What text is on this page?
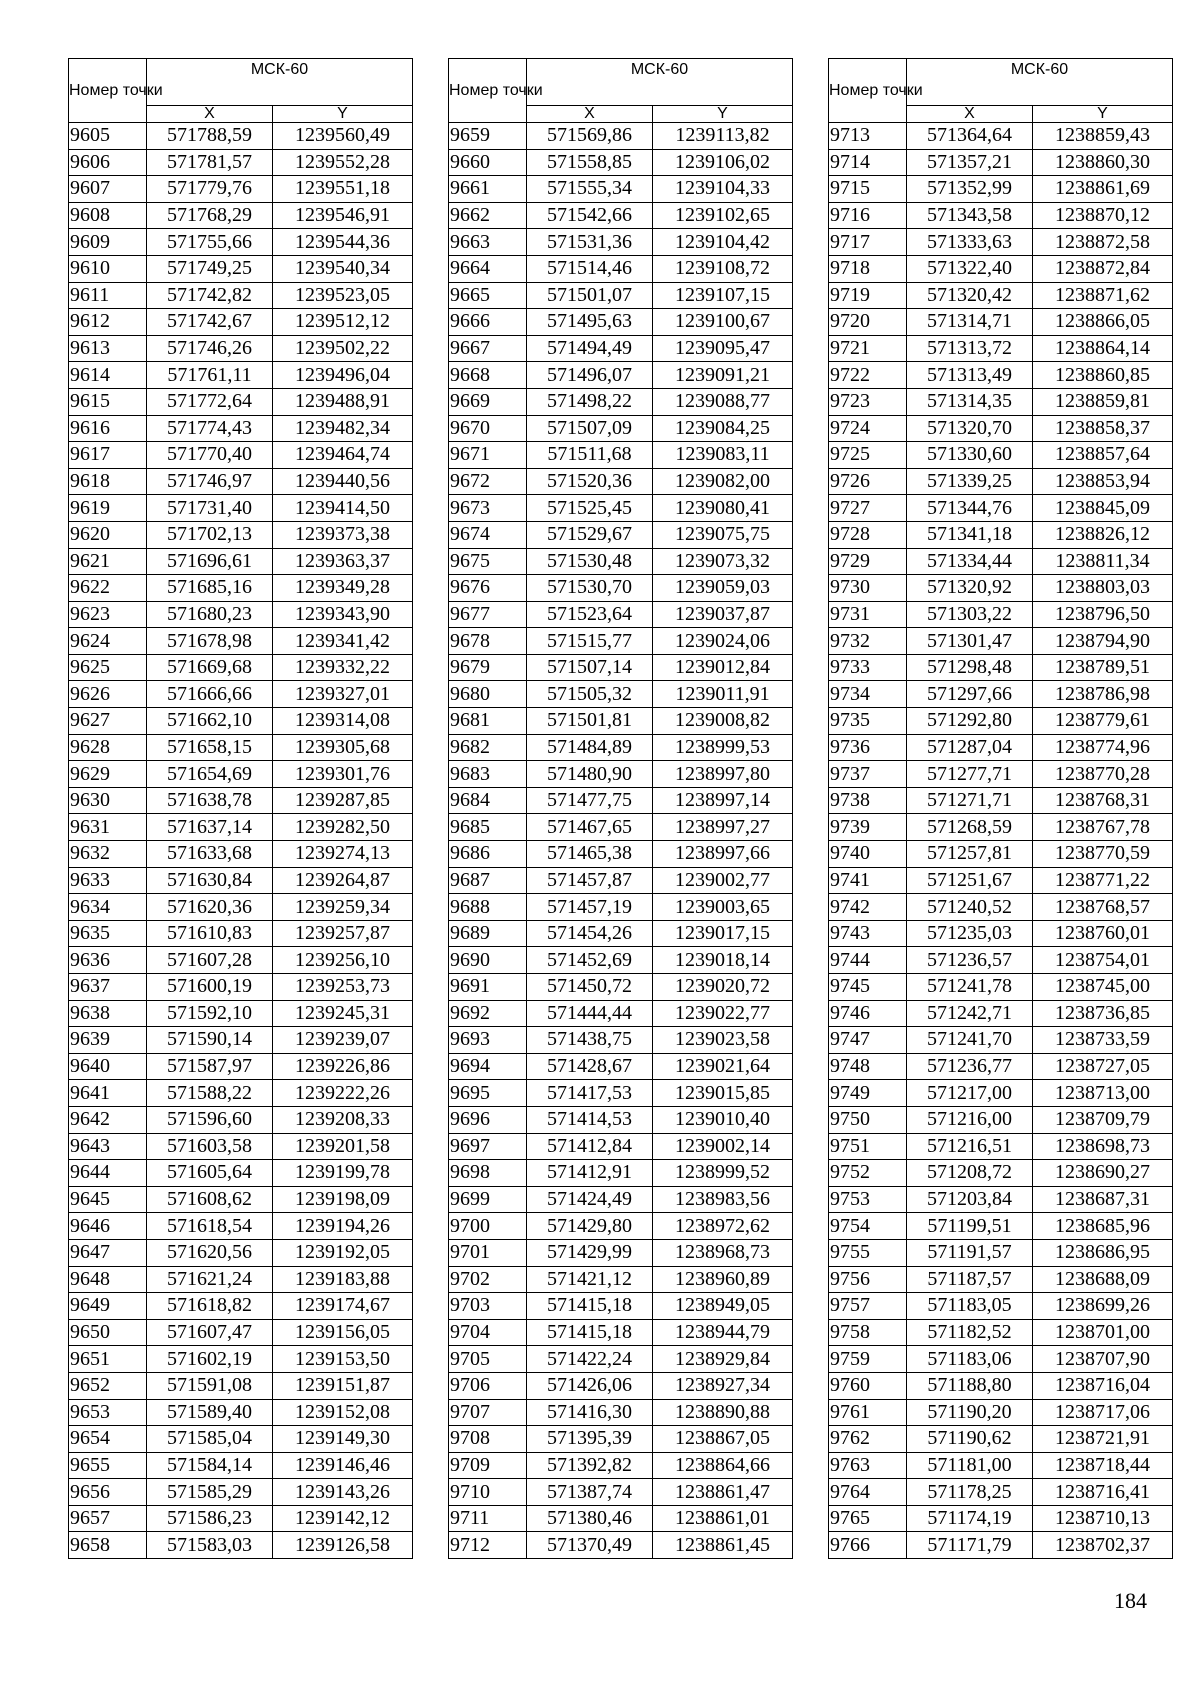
Номер точки	МСК-60	
	X	Y
9605	571788,59	1239560,49
9606	571781,57	1239552,28
9607	571779,76	1239551,18
9608	571768,29	1239546,91
9609	571755,66	1239544,36
9610	571749,25	1239540,34
9611	571742,82	1239523,05
9612	571742,67	1239512,12
9613	571746,26	1239502,22
9614	571761,11	1239496,04
9615	571772,64	1239488,91
9616	571774,43	1239482,34
9617	571770,40	1239464,74
9618	571746,97	1239440,56
9619	571731,40	1239414,50
9620	571702,13	1239373,38
9621	571696,61	1239363,37
9622	571685,16	1239349,28
9623	571680,23	1239343,90
9624	571678,98	1239341,42
9625	571669,68	1239332,22
9626	571666,66	1239327,01
9627	571662,10	1239314,08
9628	571658,15	1239305,68
9629	571654,69	1239301,76
9630	571638,78	1239287,85
9631	571637,14	1239282,50
9632	571633,68	1239274,13
9633	571630,84	1239264,87
9634	571620,36	1239259,34
9635	571610,83	1239257,87
9636	571607,28	1239256,10
9637	571600,19	1239253,73
9638	571592,10	1239245,31
9639	571590,14	1239239,07
9640	571587,97	1239226,86
9641	571588,22	1239222,26
9642	571596,60	1239208,33
9643	571603,58	1239201,58
9644	571605,64	1239199,78
9645	571608,62	1239198,09
9646	571618,54	1239194,26
9647	571620,56	1239192,05
9648	571621,24	1239183,88
9649	571618,82	1239174,67
9650	571607,47	1239156,05
9651	571602,19	1239153,50
9652	571591,08	1239151,87
9653	571589,40	1239152,08
9654	571585,04	1239149,30
9655	571584,14	1239146,46
9656	571585,29	1239143,26
9657	571586,23	1239142,12
9658	571583,03	1239126,58
Номер точки	МСК-60	
	X	Y
9659	571569,86	1239113,82
9660	571558,85	1239106,02
9661	571555,34	1239104,33
9662	571542,66	1239102,65
9663	571531,36	1239104,42
9664	571514,46	1239108,72
9665	571501,07	1239107,15
9666	571495,63	1239100,67
9667	571494,49	1239095,47
9668	571496,07	1239091,21
9669	571498,22	1239088,77
9670	571507,09	1239084,25
9671	571511,68	1239083,11
9672	571520,36	1239082,00
9673	571525,45	1239080,41
9674	571529,67	1239075,75
9675	571530,48	1239073,32
9676	571530,70	1239059,03
9677	571523,64	1239037,87
9678	571515,77	1239024,06
9679	571507,14	1239012,84
9680	571505,32	1239011,91
9681	571501,81	1239008,82
9682	571484,89	1238999,53
9683	571480,90	1238997,80
9684	571477,75	1238997,14
9685	571467,65	1238997,27
9686	571465,38	1238997,66
9687	571457,87	1239002,77
9688	571457,19	1239003,65
9689	571454,26	1239017,15
9690	571452,69	1239018,14
9691	571450,72	1239020,72
9692	571444,44	1239022,77
9693	571438,75	1239023,58
9694	571428,67	1239021,64
9695	571417,53	1239015,85
9696	571414,53	1239010,40
9697	571412,84	1239002,14
9698	571412,91	1238999,52
9699	571424,49	1238983,56
9700	571429,80	1238972,62
9701	571429,99	1238968,73
9702	571421,12	1238960,89
9703	571415,18	1238949,05
9704	571415,18	1238944,79
9705	571422,24	1238929,84
9706	571426,06	1238927,34
9707	571416,30	1238890,88
9708	571395,39	1238867,05
9709	571392,82	1238864,66
9710	571387,74	1238861,47
9711	571380,46	1238861,01
9712	571370,49	1238861,45
Номер точки	МСК-60	
	X	Y
9713	571364,64	1238859,43
9714	571357,21	1238860,30
9715	571352,99	1238861,69
9716	571343,58	1238870,12
9717	571333,63	1238872,58
9718	571322,40	1238872,84
9719	571320,42	1238871,62
9720	571314,71	1238866,05
9721	571313,72	1238864,14
9722	571313,49	1238860,85
9723	571314,35	1238859,81
9724	571320,70	1238858,37
9725	571330,60	1238857,64
9726	571339,25	1238853,94
9727	571344,76	1238845,09
9728	571341,18	1238826,12
9729	571334,44	1238811,34
9730	571320,92	1238803,03
9731	571303,22	1238796,50
9732	571301,47	1238794,90
9733	571298,48	1238789,51
9734	571297,66	1238786,98
9735	571292,80	1238779,61
9736	571287,04	1238774,96
9737	571277,71	1238770,28
9738	571271,71	1238768,31
9739	571268,59	1238767,78
9740	571257,81	1238770,59
9741	571251,67	1238771,22
9742	571240,52	1238768,57
9743	571235,03	1238760,01
9744	571236,57	1238754,01
9745	571241,78	1238745,00
9746	571242,71	1238736,85
9747	571241,70	1238733,59
9748	571236,77	1238727,05
9749	571217,00	1238713,00
9750	571216,00	1238709,79
9751	571216,51	1238698,73
9752	571208,72	1238690,27
9753	571203,84	1238687,31
9754	571199,51	1238685,96
9755	571191,57	1238686,95
9756	571187,57	1238688,09
9757	571183,05	1238699,26
9758	571182,52	1238701,00
9759	571183,06	1238707,90
9760	571188,80	1238716,04
9761	571190,20	1238717,06
9762	571190,62	1238721,91
9763	571181,00	1238718,44
9764	571178,25	1238716,41
9765	571174,19	1238710,13
9766	571171,79	1238702,37
184
